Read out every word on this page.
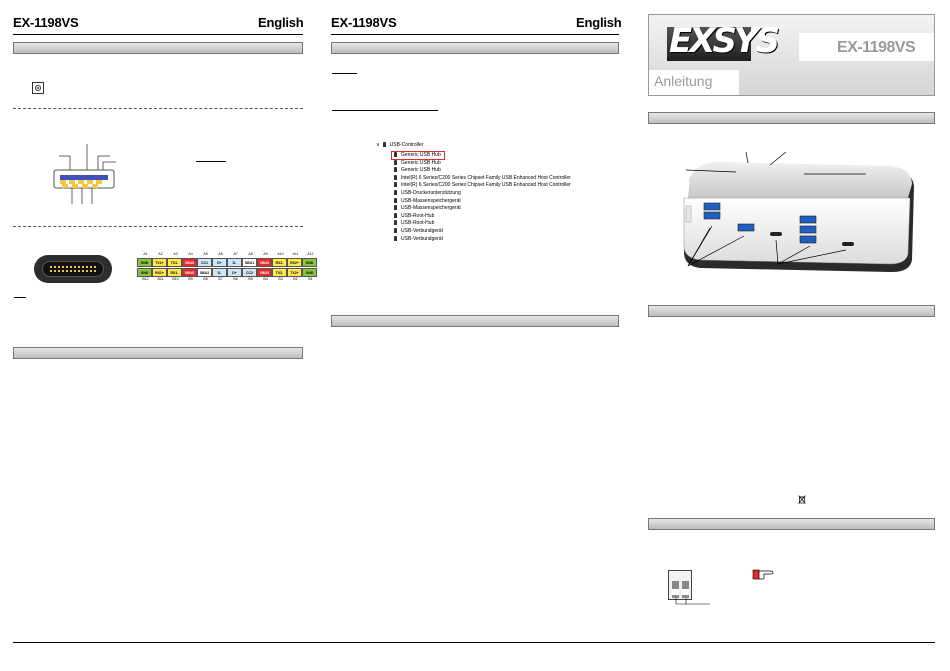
EX-1198VS	English
A1	A2	A3	A4	A5	A6	A7	A8	A9	A10	A11	A12
GND	TX1+	TX1-	VBUS	CC1	D+	D-	SBU1	VBUS	RX2-	RX2+	GND
GND	RX1+	RX1-	VBUS	SBU2	D-	D+	CC2	VBUS	TX2-	TX2+	GND
B12	B11	B10	B9	B8	B7	B6	B5	B4	B3	B2	B1
EX-1198VS	English
∨ USB-Controller
Generic USB Hub
Generic USB Hub
Generic USB Hub
Intel(R) 6 Series/C200 Series Chipset Family USB Enhanced Host Controller
Intel(R) 6 Series/C200 Series Chipset Family USB Enhanced Host Controller
USB-Druckerunterstützung
USB-Massenspeichergerät
USB-Massenspeichergerät
USB-Root-Hub
USB-Root-Hub
USB-Verbundgerät
USB-Verbundgerät
EXSYS	EX-1198VS
Anleitung
